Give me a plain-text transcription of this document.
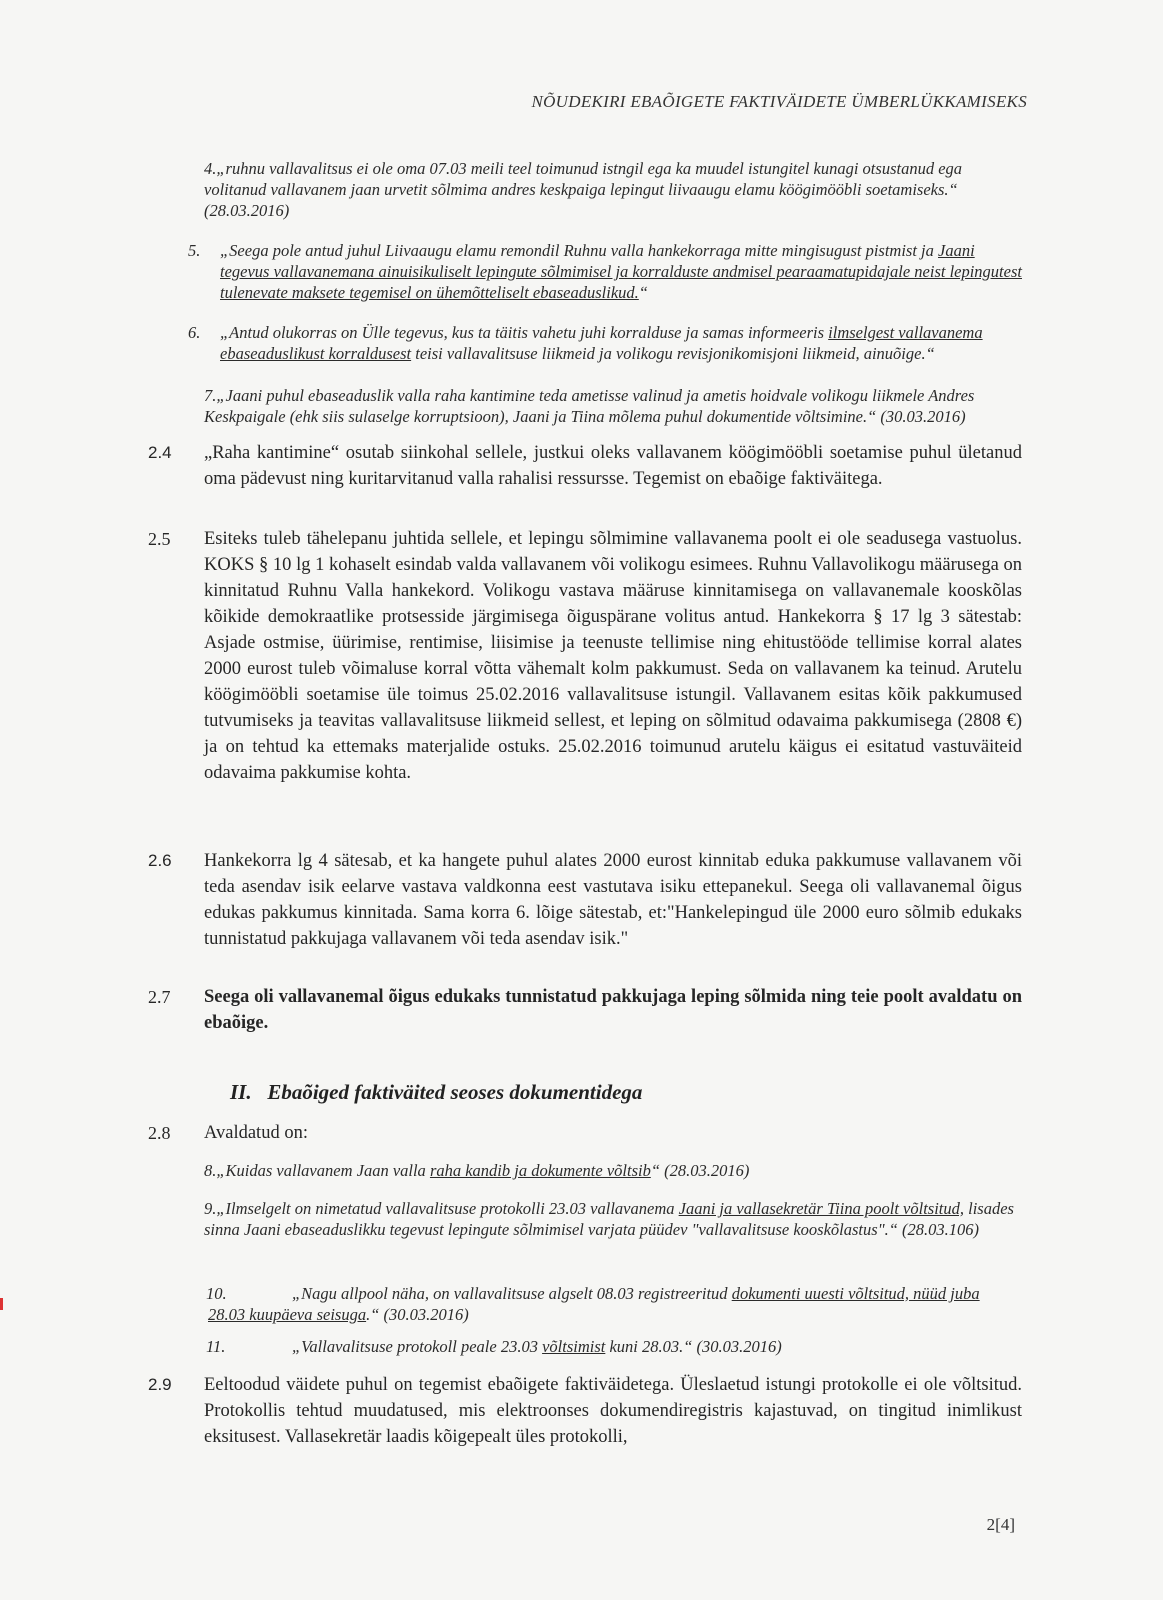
NÕUDEKIRI EBAÕIGETE FAKTIVÄIDETE ÜMBERLÜKKAMISEKS
4.„ruhnu vallavalitsus ei ole oma 07.03 meili teel toimunud istngil ega ka muudel istungitel kunagi otsustanud ega volitanud vallavanem jaan urvetit sõlmima andres keskpaiga lepingut liivaaugu elamu köögimööbli soetamiseks.“ (28.03.2016)
5. „Seega pole antud juhul Liivaaugu elamu remondil Ruhnu valla hankekorraga mitte mingisugust pistmist ja Jaani tegevus vallavanemana ainuisikuliselt lepingute sõlmimisel ja korralduste andmisel pearaamatupidajale neist lepingutest tulenevate maksete tegemisel on ühemõtteliselt ebaseaduslikud.“
6. „Antud olukorras on Ülle tegevus, kus ta täitis vahetu juhi korralduse ja samas informeeris ilmselgest vallavanema ebaseaduslikust korraldusest teisi vallavalitsuse liikmeid ja volikogu revisjonikomisjoni liikmeid, ainuõige.“
7.„Jaani puhul ebaseaduslik valla raha kantimine teda ametisse valinud ja ametis hoidvale volikogu liikmele Andres Keskpaigale (ehk siis sulaselge korruptsioon), Jaani ja Tiina mõlema puhul dokumentide võltsimine.“ (30.03.2016)
2.4 „Raha kantimine“ osutab siinkohal sellele, justkui oleks vallavanem köögimööbli soetamise puhul ületanud oma pädevust ning kuritarvitanud valla rahalisi ressursse. Tegemist on ebaõige faktiväitega.
2.5 Esiteks tuleb tähelepanu juhtida sellele, et lepingu sõlmimine vallavanema poolt ei ole seadusega vastuolus. KOKS § 10 lg 1 kohaselt esindab valda vallavanem või volikogu esimees. Ruhnu Vallavolikogu määrusega on kinnitatud Ruhnu Valla hankekord. Volikogu vastava määruse kinnitamisega on vallavanemale kooskõlas kõikide demokraatlike protsesside järgimisega õiguspärane volitus antud. Hankekorra § 17 lg 3 sätestab: Asjade ostmise, üürimise, rentimise, liisimise ja teenuste tellimise ning ehitustööde tellimise korral alates 2000 eurost tuleb võimaluse korral võtta vähemalt kolm pakkumust. Seda on vallavanem ka teinud. Arutelu köögimööbli soetamise üle toimus 25.02.2016 vallavalitsuse istungil. Vallavanem esitas kõik pakkumused tutvumiseks ja teavitas vallavalitsuse liikmeid sellest, et leping on sõlmitud odavaima pakkumisega (2808 €) ja on tehtud ka ettemaks materjalide ostuks. 25.02.2016 toimunud arutelu käigus ei esitatud vastuväiteid odavaima pakkumise kohta.
2.6 Hankekorra lg 4 sätesab, et ka hangete puhul alates 2000 eurost kinnitab eduka pakkumuse vallavanem või teda asendav isik eelarve vastava valdkonna eest vastutava isiku ettepanekul. Seega oli vallavanemal õigus edukas pakkumus kinnitada. Sama korra 6. lõige sätestab, et:"Hankelepingud üle 2000 euro sõlmib edukaks tunnistatud pakkujaga vallavanem või teda asendav isik."
2.7 Seega oli vallavanemal õigus edukaks tunnistatud pakkujaga leping sõlmida ning teie poolt avaldatu on ebaõige.
II.   Ebaõiged faktiväited seoses dokumentidega
2.8 Avaldatud on:
8.„Kuidas vallavanem Jaan valla raha kandib ja dokumente võltsib“ (28.03.2016)
9.„Ilmselgelt on nimetatud vallavalitsuse protokolli 23.03 vallavanema Jaani ja vallasekretär Tiina poolt võltsitud, lisades sinna Jaani ebaseaduslikku tegevust lepingute sõlmimisel varjata püüdev "vallavalitsuse kooskõlastus".“ (28.03.106)
10.	„Nagu allpool näha, on vallavalitsuse algselt 08.03 registreeritud dokumenti uuesti võltsitud, nüüd juba 28.03 kuupäeva seisuga.“ (30.03.2016)
11.	„Vallavalitsuse protokoll peale 23.03 võltsimist kuni 28.03.“ (30.03.2016)
2.9 Eeltoodud väidete puhul on tegemist ebaõigete faktiväidetega. Üleslaetud istungi protokolle ei ole võltsitud. Protokollis tehtud muudatused, mis elektroonses dokumendiregistris kajastuvad, on tingitud inimlikust eksitusest. Vallasekretär laadis kõigepealt üles protokolli,
2[4]
